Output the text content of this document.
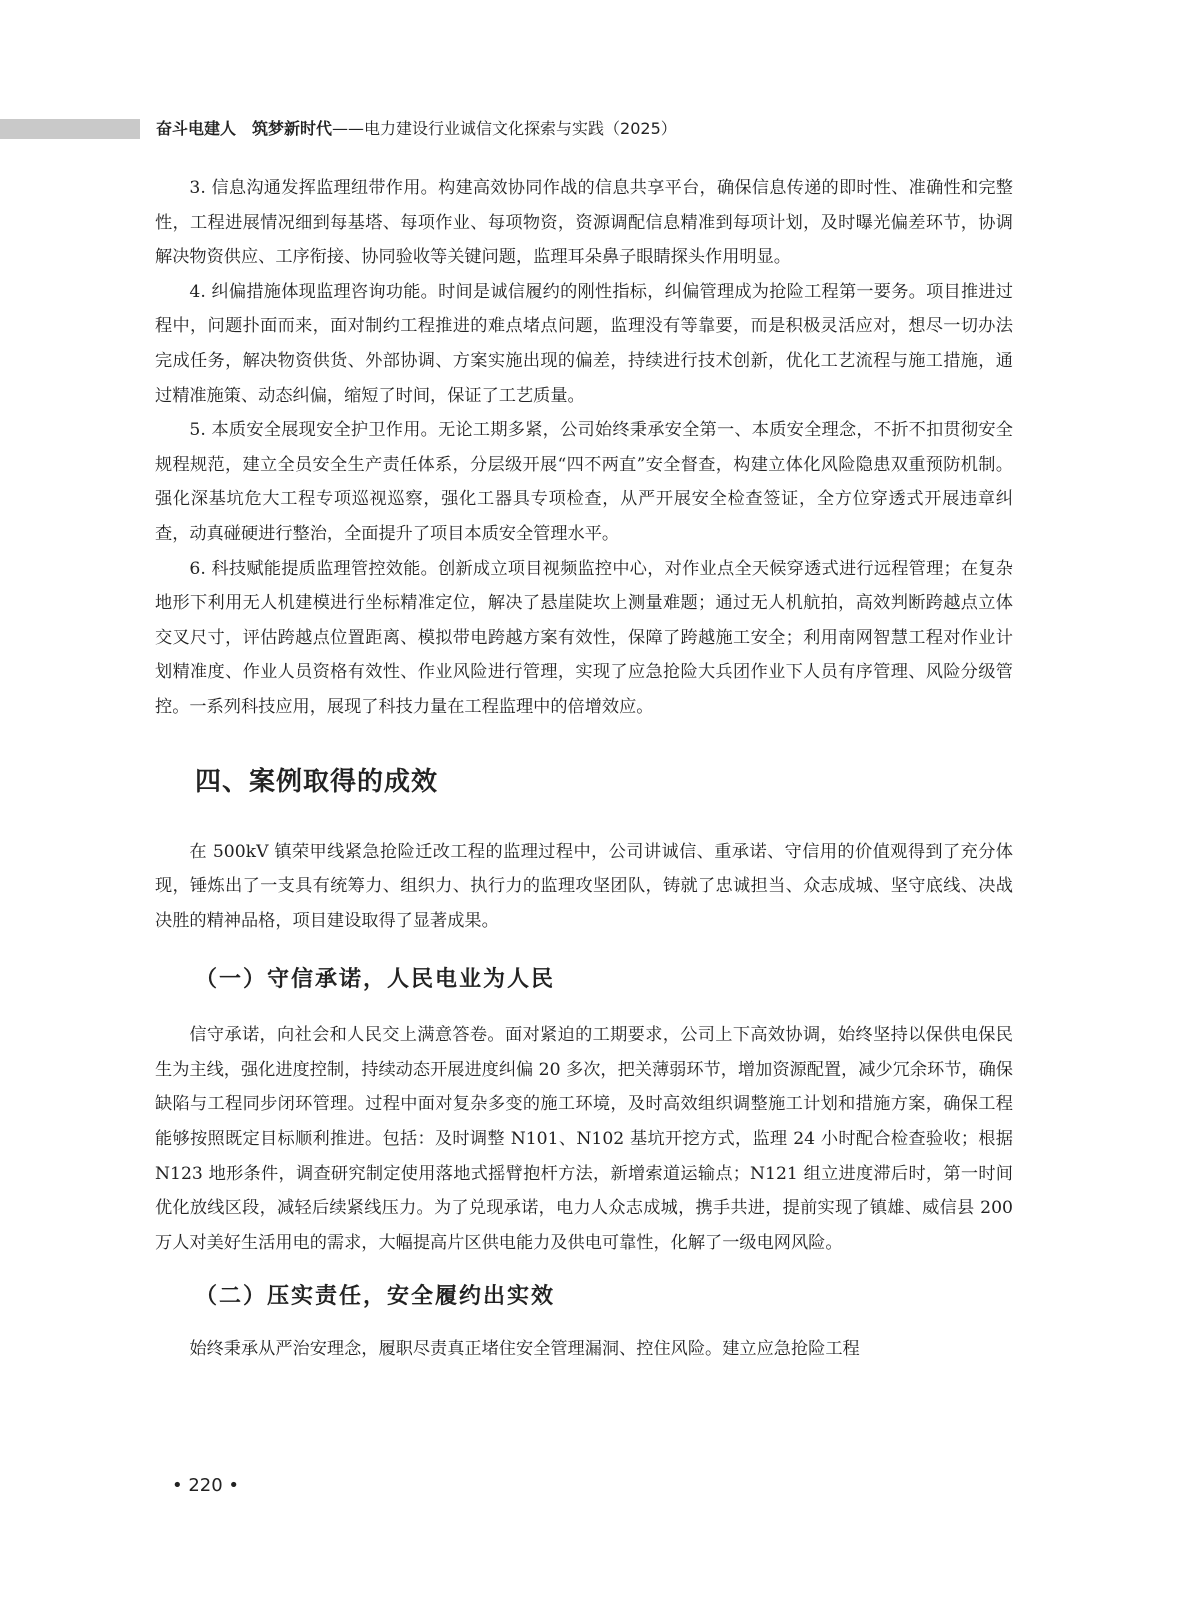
奋斗电建人 筑梦新时代——电力建设行业诚信文化探索与实践（2025）

3. 信息沟通发挥监理纽带作用。构建高效协同作战的信息共享平台，确保信息传递的即时性、准确性和完整性，工程进展情况细到每基塔、每项作业、每项物资，资源调配信息精准到每项计划，及时曝光偏差环节，协调解决物资供应、工序衔接、协同验收等关键问题，监理耳朵鼻子眼睛探头作用明显。

4. 纠偏措施体现监理咨询功能。时间是诚信履约的刚性指标，纠偏管理成为抢险工程第一要务。项目推进过程中，问题扑面而来，面对制约工程推进的难点堵点问题，监理没有等靠要，而是积极灵活应对，想尽一切办法完成任务，解决物资供货、外部协调、方案实施出现的偏差，持续进行技术创新，优化工艺流程与施工措施，通过精准施策、动态纠偏，缩短了时间，保证了工艺质量。

5. 本质安全展现安全护卫作用。无论工期多紧，公司始终秉承安全第一、本质安全理念，不折不扣贯彻安全规程规范，建立全员安全生产责任体系，分层级开展“四不两直”安全督查，构建立体化风险隐患双重预防机制。强化深基坑危大工程专项巡视巡察，强化工器具专项检查，从严开展安全检查签证，全方位穿透式开展违章纠查，动真碰硬进行整治，全面提升了项目本质安全管理水平。

6. 科技赋能提质监理管控效能。创新成立项目视频监控中心，对作业点全天候穿透式进行远程管理；在复杂地形下利用无人机建模进行坐标精准定位，解决了悬崖陡坎上测量难题；通过无人机航拍，高效判断跨越点立体交叉尺寸，评估跨越点位置距离、模拟带电跨越方案有效性，保障了跨越施工安全；利用南网智慧工程对作业计划精准度、作业人员资格有效性、作业风险进行管理，实现了应急抢险大兵团作业下人员有序管理、风险分级管控。一系列科技应用，展现了科技力量在工程监理中的倍增效应。

四、案例取得的成效

在 500kV 镇荣甲线紧急抢险迁改工程的监理过程中，公司讲诚信、重承诺、守信用的价值观得到了充分体现，锤炼出了一支具有统筹力、组织力、执行力的监理攻坚团队，铸就了忠诚担当、众志成城、坚守底线、决战决胜的精神品格，项目建设取得了显著成果。

（一）守信承诺，人民电业为人民

信守承诺，向社会和人民交上满意答卷。面对紧迫的工期要求，公司上下高效协调，始终坚持以保供电保民生为主线，强化进度控制，持续动态开展进度纠偏 20 多次，把关薄弱环节，增加资源配置，减少冗余环节，确保缺陷与工程同步闭环管理。过程中面对复杂多变的施工环境，及时高效组织调整施工计划和措施方案，确保工程能够按照既定目标顺利推进。包括：及时调整 N101、N102 基坑开挖方式，监理 24 小时配合检查验收；根据 N123 地形条件，调查研究制定使用落地式摇臂抱杆方法，新增索道运输点；N121 组立进度滞后时，第一时间优化放线区段，减轻后续紧线压力。为了兑现承诺，电力人众志成城，携手共进，提前实现了镇雄、威信县 200 万人对美好生活用电的需求，大幅提高片区供电能力及供电可靠性，化解了一级电网风险。

（二）压实责任，安全履约出实效

始终秉承从严治安理念，履职尽责真正堵住安全管理漏洞、控住风险。建立应急抢险工程

• 220 •
